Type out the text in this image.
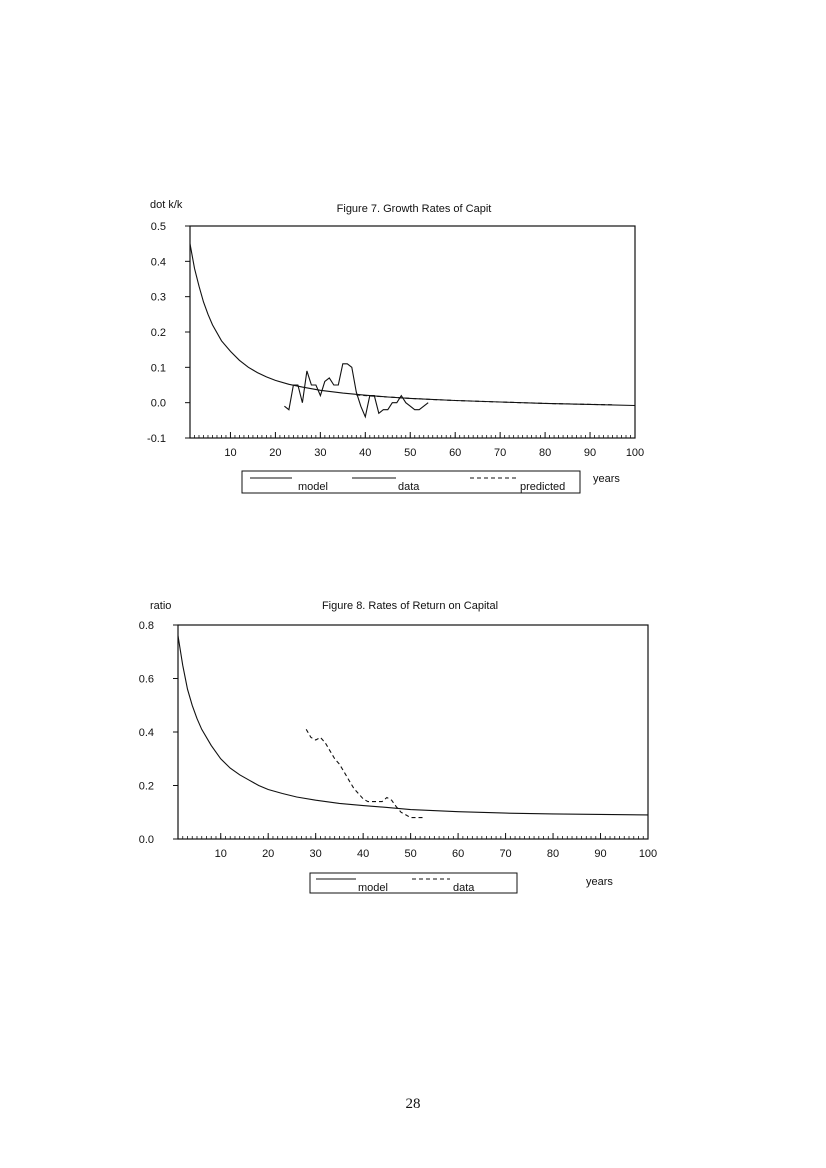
Figure 7. Growth Rates of Capit
dot k/k
0.5
0.4
0.3
0.2
0.1
0.0
-0.1
10	20	30	40	50	60	70	80	90	100
model	data	predicted
years
Figure 8. Rates of Return on Capital
ratio
0.8
0.6
0.4
0.2
0.0
10	20	30	40	50	60	70	80	90	100
model	data	years
28
